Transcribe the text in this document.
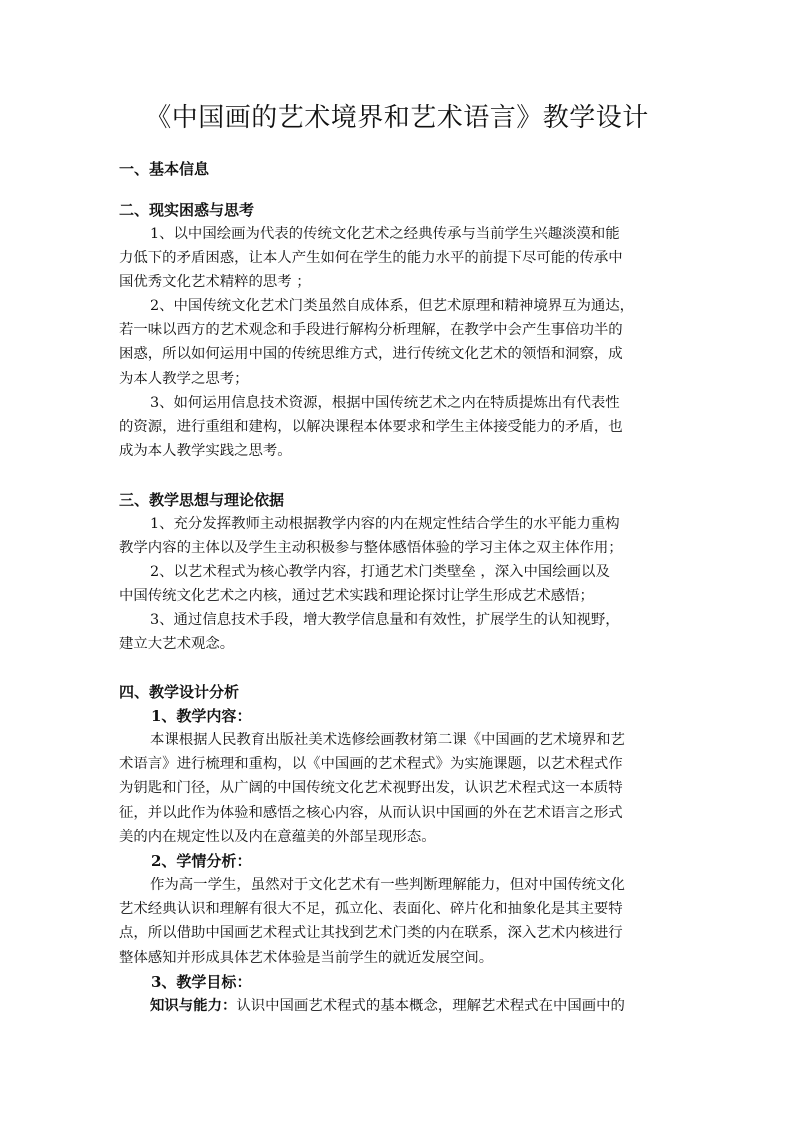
《中国画的艺术境界和艺术语言》教学设计
一、基本信息
二、现实困惑与思考
1、以中国绘画为代表的传统文化艺术之经典传承与当前学生兴趣淡漠和能
力低下的矛盾困惑，让本人产生如何在学生的能力水平的前提下尽可能的传承中
国优秀文化艺术精粹的思考 ；
2、中国传统文化艺术门类虽然自成体系，但艺术原理和精神境界互为通达，
若一味以西方的艺术观念和手段进行解构分析理解，在教学中会产生事倍功半的
困惑，所以如何运用中国的传统思维方式，进行传统文化艺术的领悟和洞察，成
为本人教学之思考；
3、如何运用信息技术资源，根据中国传统艺术之内在特质提炼出有代表性
的资源，进行重组和建构，以解决课程本体要求和学生主体接受能力的矛盾，也
成为本人教学实践之思考。
三、教学思想与理论依据
1、充分发挥教师主动根据教学内容的内在规定性结合学生的水平能力重构
教学内容的主体以及学生主动积极参与整体感悟体验的学习主体之双主体作用；
2、以艺术程式为核心教学内容，打通艺术门类壁垒 ，深入中国绘画以及
中国传统文化艺术之内核，通过艺术实践和理论探讨让学生形成艺术感悟；
3、通过信息技术手段，增大教学信息量和有效性，扩展学生的认知视野，
建立大艺术观念。
四、教学设计分析
1、教学内容：
本课根据人民教育出版社美术选修绘画教材第二课《中国画的艺术境界和艺
术语言》进行梳理和重构，以《中国画的艺术程式》为实施课题，以艺术程式作
为钥匙和门径，从广阔的中国传统文化艺术视野出发，认识艺术程式这一本质特
征，并以此作为体验和感悟之核心内容，从而认识中国画的外在艺术语言之形式
美的内在规定性以及内在意蕴美的外部呈现形态。
2、学情分析：
作为高一学生，虽然对于文化艺术有一些判断理解能力，但对中国传统文化
艺术经典认识和理解有很大不足，孤立化、表面化、碎片化和抽象化是其主要特
点，所以借助中国画艺术程式让其找到艺术门类的内在联系，深入艺术内核进行
整体感知并形成具体艺术体验是当前学生的就近发展空间。
3、教学目标：
知识与能力：认识中国画艺术程式的基本概念，理解艺术程式在中国画中的
